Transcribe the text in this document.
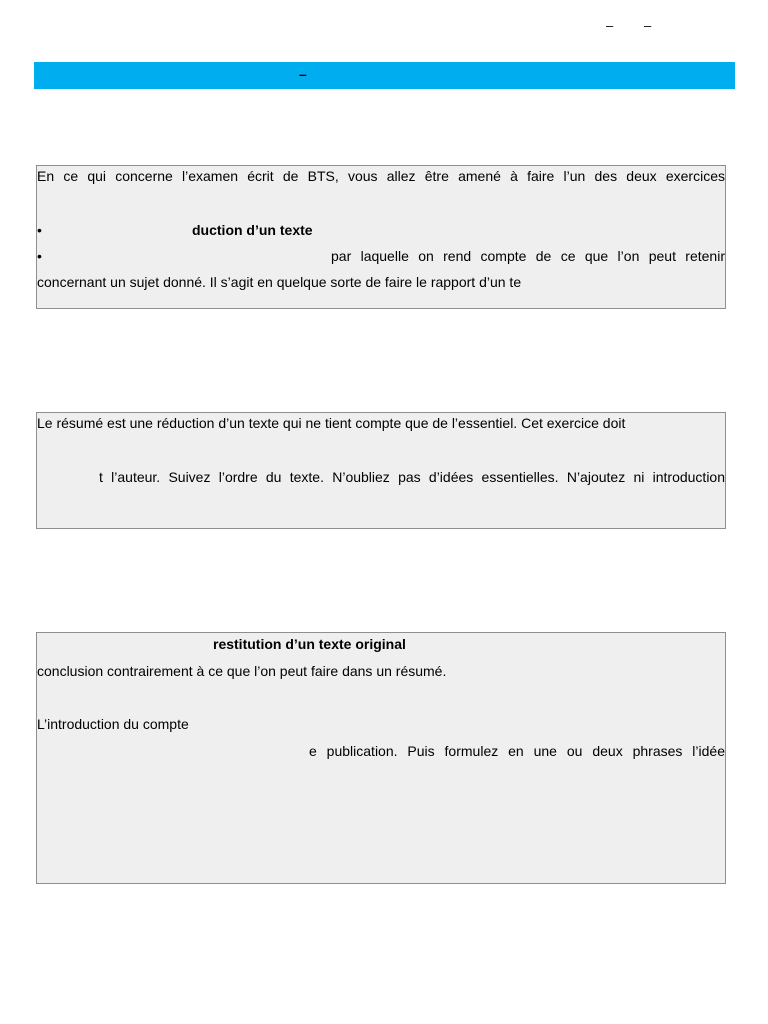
– –
–
En ce qui concerne l’examen écrit de BTS, vous allez être amené à faire l’un des deux exercices
•	duction d’un texte
•	par laquelle on rend compte de ce que l’on peut retenir
concernant un sujet donné. Il s’agit en quelque sorte de faire le rapport d’un te
Le résumé est une réduction d’un texte qui ne tient compte que de l’essentiel. Cet exercice doit
t l’auteur. Suivez l’ordre du texte. N’oubliez pas d’idées essentielles. N’ajoutez ni introduction
restitution d’un texte original
conclusion contrairement à ce que l’on peut faire dans un résumé.
L’introduction du compte
e publication. Puis formulez en une ou deux phrases l’idée
